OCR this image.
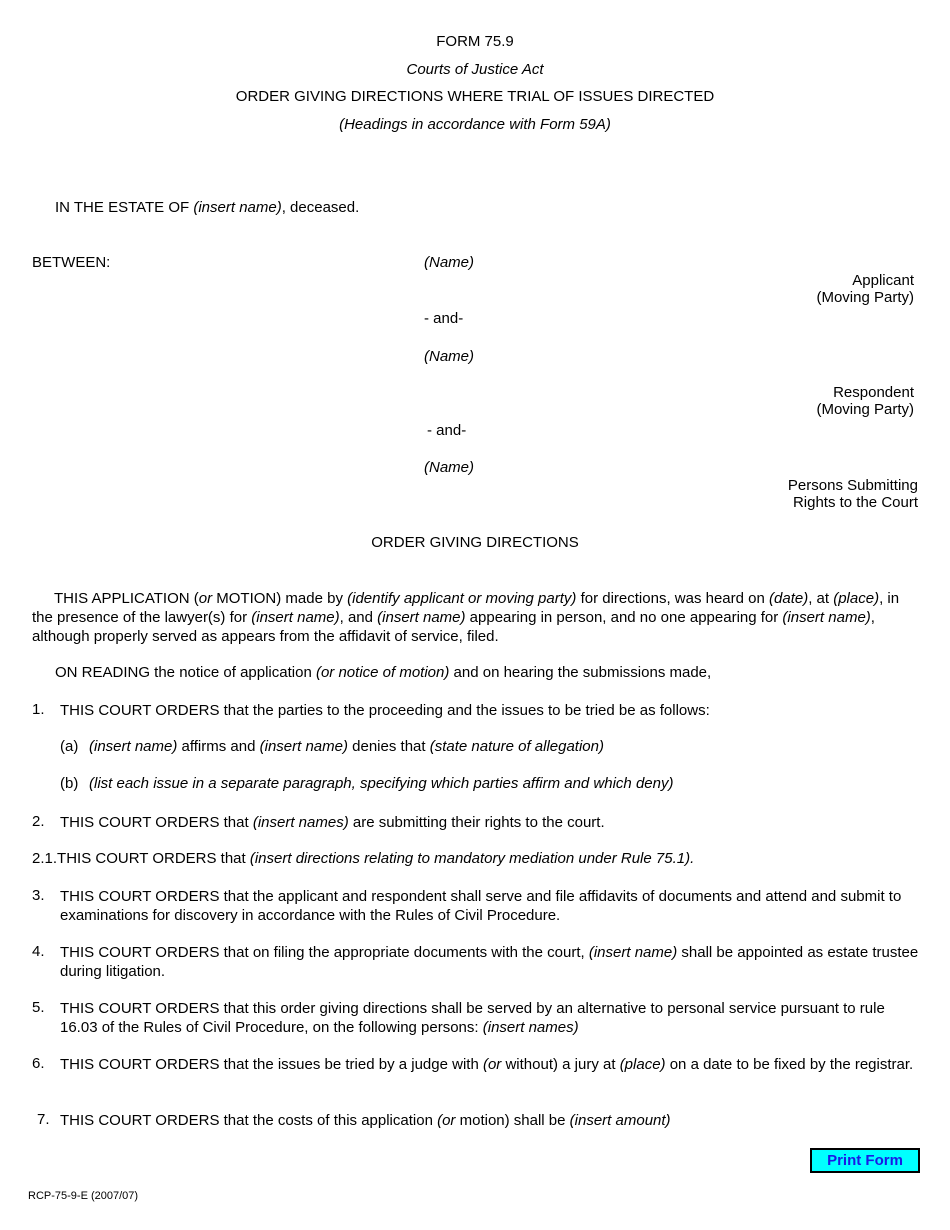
FORM 75.9
Courts of Justice Act
ORDER GIVING DIRECTIONS WHERE TRIAL OF ISSUES DIRECTED
(Headings in accordance with Form 59A)
IN THE ESTATE OF (insert name), deceased.
BETWEEN:	(Name)
Applicant
(Moving Party)
- and-
(Name)
Respondent
(Moving Party)
- and-
(Name)
Persons Submitting
Rights to the Court
ORDER GIVING DIRECTIONS
THIS APPLICATION (or MOTION) made by (identify applicant or moving party) for directions, was heard on (date), at (place), in the presence of the lawyer(s) for (insert name), and (insert name) appearing in person, and no one appearing for (insert name), although properly served as appears from the affidavit of service, filed.
ON READING the notice of application (or notice of motion) and on hearing the submissions made,
1. THIS COURT ORDERS that the parties to the proceeding and the issues to be tried be as follows:
(a) (insert name) affirms and (insert name) denies that (state nature of allegation)
(b) (list each issue in a separate paragraph, specifying which parties affirm and which deny)
2. THIS COURT ORDERS that (insert names) are submitting their rights to the court.
2.1.THIS COURT ORDERS that (insert directions relating to mandatory mediation under Rule 75.1).
3. THIS COURT ORDERS that the applicant and respondent shall serve and file affidavits of documents and attend and submit to examinations for discovery in accordance with the Rules of Civil Procedure.
4. THIS COURT ORDERS that on filing the appropriate documents with the court, (insert name) shall be appointed as estate trustee during litigation.
5. THIS COURT ORDERS that this order giving directions shall be served by an alternative to personal service pursuant to rule 16.03 of the Rules of Civil Procedure, on the following persons: (insert names)
6. THIS COURT ORDERS that the issues be tried by a judge with (or without) a jury at (place) on a date to be fixed by the registrar.
7. THIS COURT ORDERS that the costs of this application (or motion) shall be (insert amount)
Print Form
RCP-75-9-E (2007/07)
